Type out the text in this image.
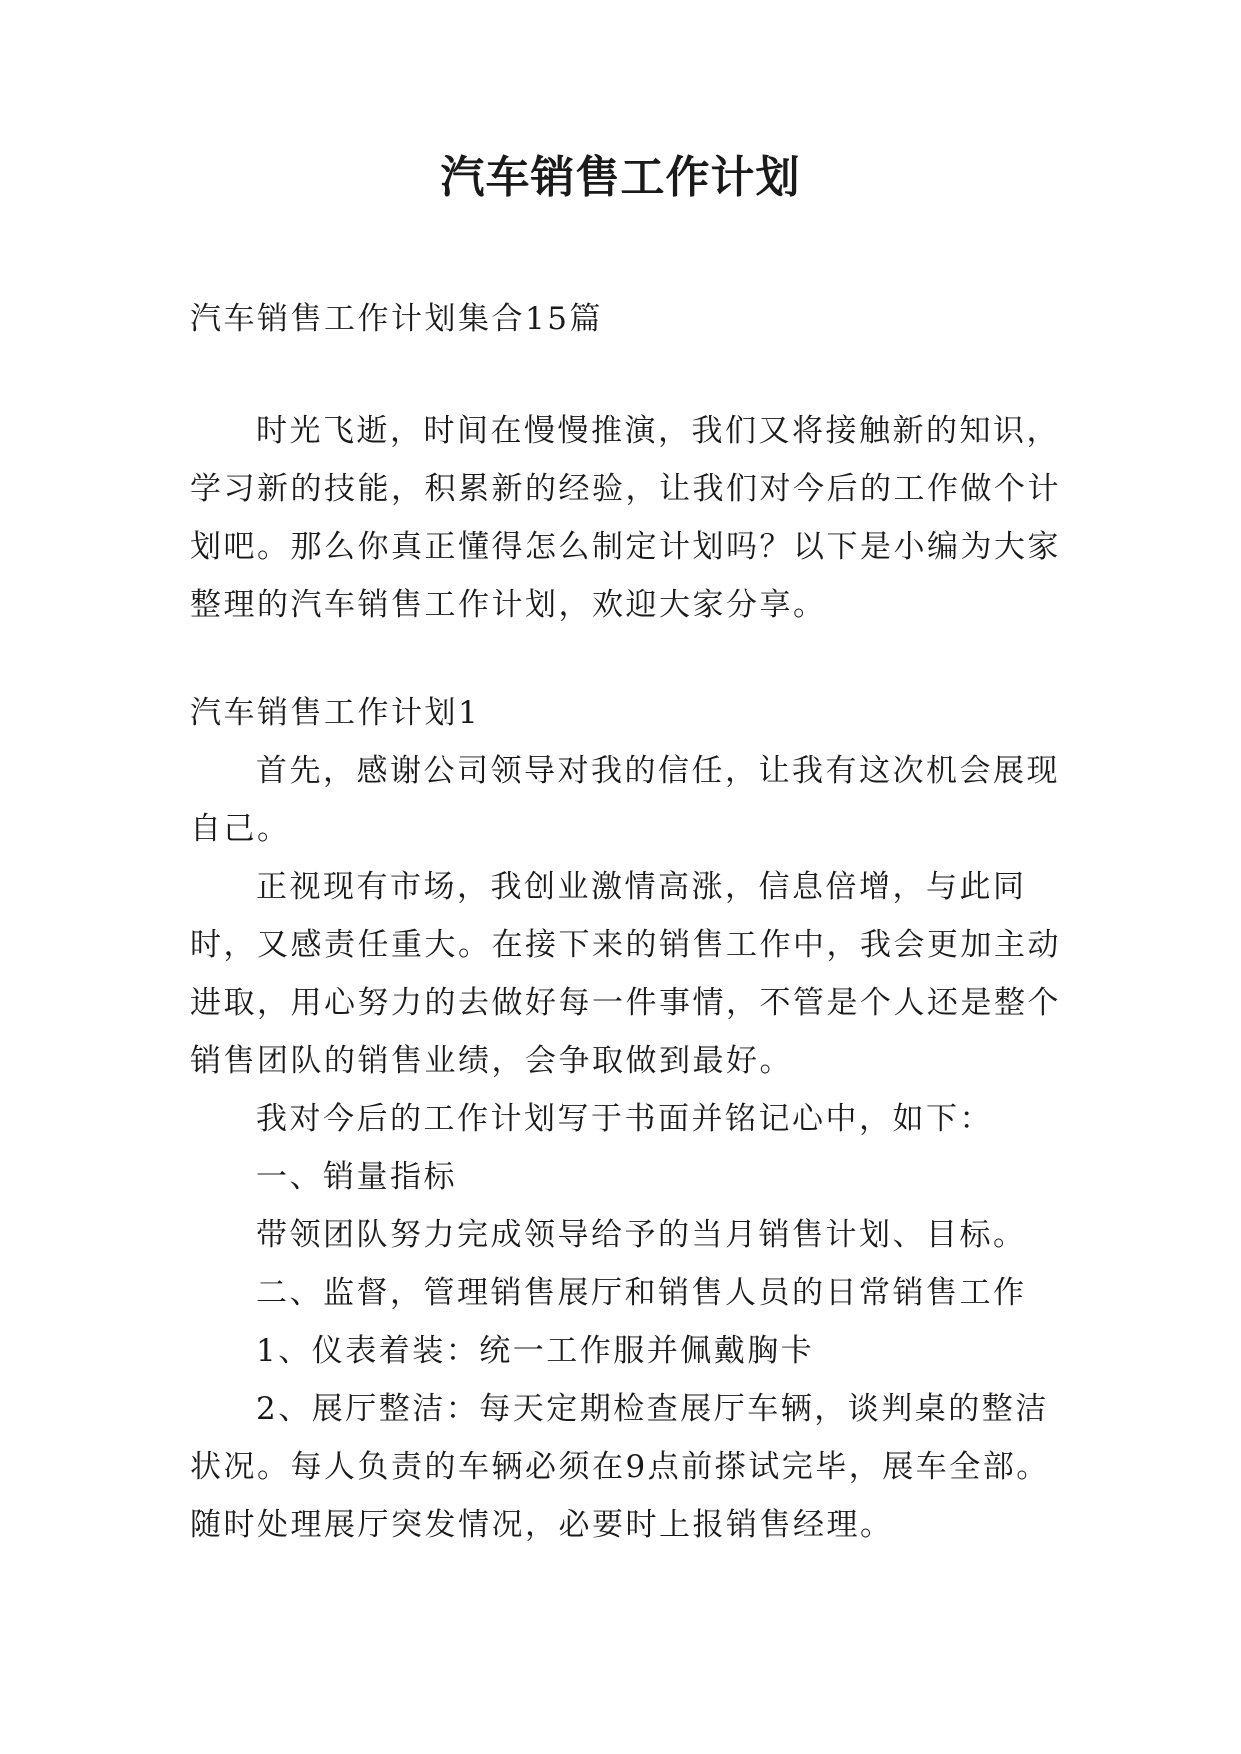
汽车销售工作计划

汽车销售工作计划集合15篇

时光飞逝，时间在慢慢推演，我们又将接触新的知识，学习新的技能，积累新的经验，让我们对今后的工作做个计划吧。那么你真正懂得怎么制定计划吗？以下是小编为大家整理的汽车销售工作计划，欢迎大家分享。

汽车销售工作计划1

首先，感谢公司领导对我的信任，让我有这次机会展现自己。

正视现有市场，我创业激情高涨，信息倍增，与此同时，又感责任重大。在接下来的销售工作中，我会更加主动进取，用心努力的去做好每一件事情，不管是个人还是整个销售团队的销售业绩，会争取做到最好。

我对今后的工作计划写于书面并铭记心中，如下：

一、销量指标

带领团队努力完成领导给予的当月销售计划、目标。

二、监督，管理销售展厅和销售人员的日常销售工作

1、仪表着装：统一工作服并佩戴胸卡

2、展厅整洁：每天定期检查展厅车辆，谈判桌的整洁状况。每人负责的车辆必须在9点前搽试完毕，展车全部。随时处理展厅突发情况，必要时上报销售经理。
